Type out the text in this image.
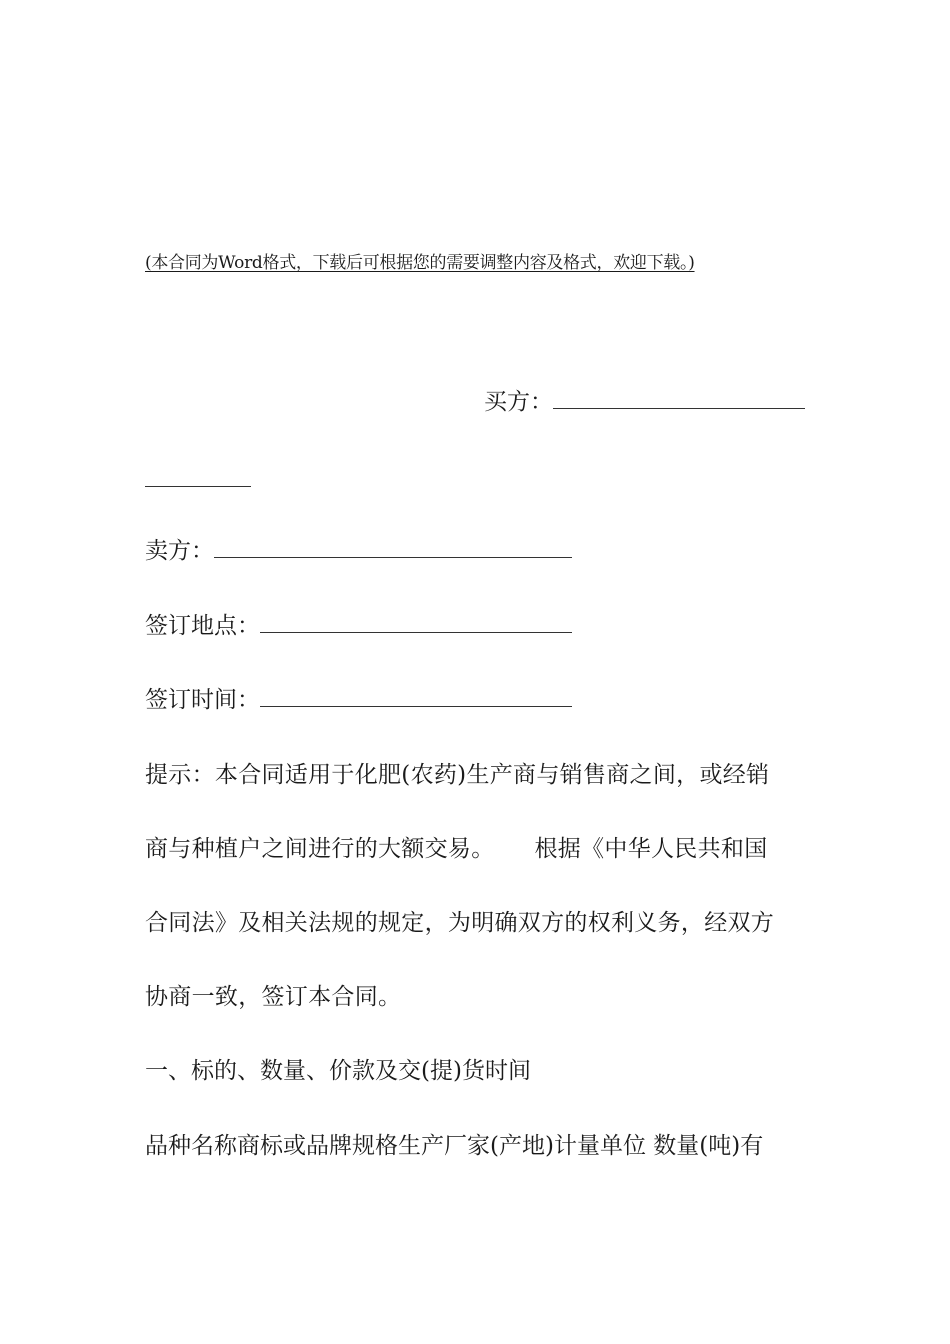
(本合同为Word格式，下载后可根据您的需要调整内容及格式，欢迎下载。)
买方：
卖方：
签订地点：
签订时间：
提示：本合同适用于化肥(农药)生产商与销售商之间，或经销
商与种植户之间进行的大额交易。 根据《中华人民共和国
合同法》及相关法规的规定，为明确双方的权利义务，经双方
协商一致，签订本合同。
一、标的、数量、价款及交(提)货时间
品种名称商标或品牌规格生产厂家(产地)计量单位 数量(吨)有
